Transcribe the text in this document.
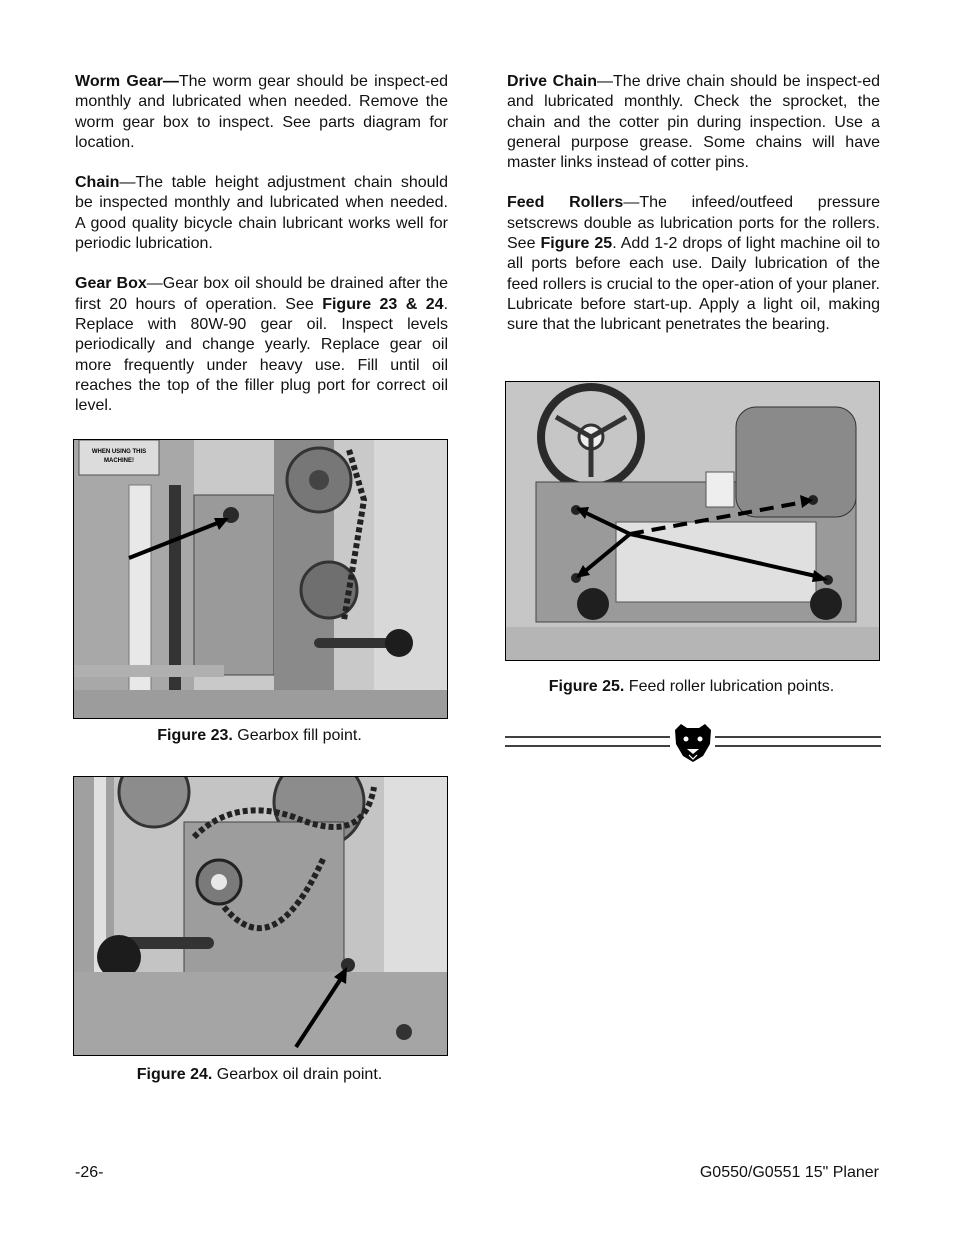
Worm Gear—The worm gear should be inspect-ed monthly and lubricated when needed. Remove the worm gear box to inspect. See parts diagram for location.

Chain—The table height adjustment chain should be inspected monthly and lubricated when needed. A good quality bicycle chain lubricant works well for periodic lubrication.

Gear Box—Gear box oil should be drained after the first 20 hours of operation. See Figure 23 & 24. Replace with 80W-90 gear oil. Inspect levels periodically and change yearly. Replace gear oil more frequently under heavy use. Fill until oil reaches the top of the filler plug port for correct oil level.

Drive Chain—The drive chain should be inspect-ed and lubricated monthly. Check the sprocket, the chain and the cotter pin during inspection. Use a general purpose grease. Some chains will have master links instead of cotter pins.

Feed Rollers—The infeed/outfeed pressure setscrews double as lubrication ports for the rollers. See Figure 25. Add 1-2 drops of light machine oil to all ports before each use. Daily lubrication of the feed rollers is crucial to the oper-ation of your planer. Lubricate before start-up. Apply a light oil, making sure that the lubricant penetrates the bearing.

WHEN USING THIS
MACHINE!
Figure 23. Gearbox fill point.
Figure 24. Gearbox oil drain point.
Figure 25. Feed roller lubrication points.
-26-	G0550/G0551 15" Planer
